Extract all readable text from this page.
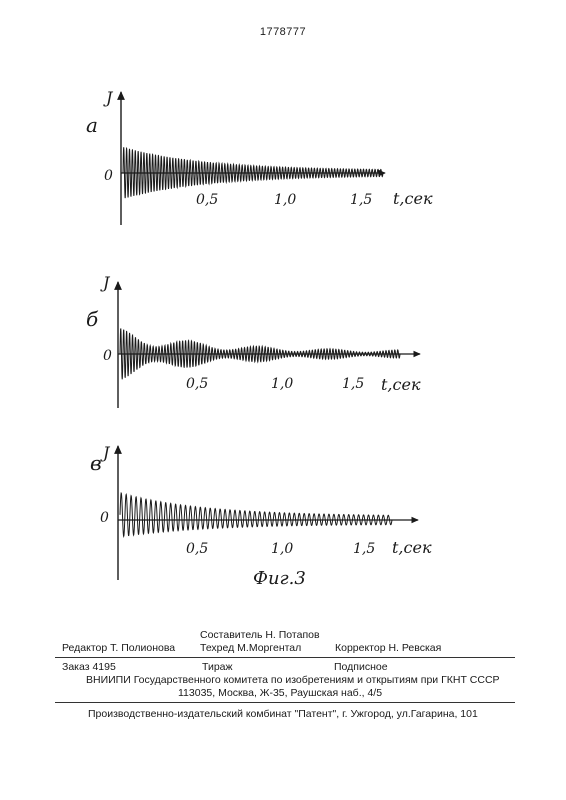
1778777
а
J
0
0,5	1,0	1,5 t,сек
б
J
0
0,5	1,0	1,5 t,сек
в J
0
0,5	1,0	1,5 t,сек
Фиг.3
Составитель Н. Потапов
Редактор Т. Полионова Техред М.Моргентал	Корректор Н. Ревская
Заказ 4195	Тираж	Подписное
ВНИИПИ Государственного комитета по изобретениям и открытиям при ГКНТ СССР
113035, Москва, Ж-35, Раушская наб., 4/5
Производственно-издательский комбинат "Патент", г. Ужгород, ул.Гагарина, 101
